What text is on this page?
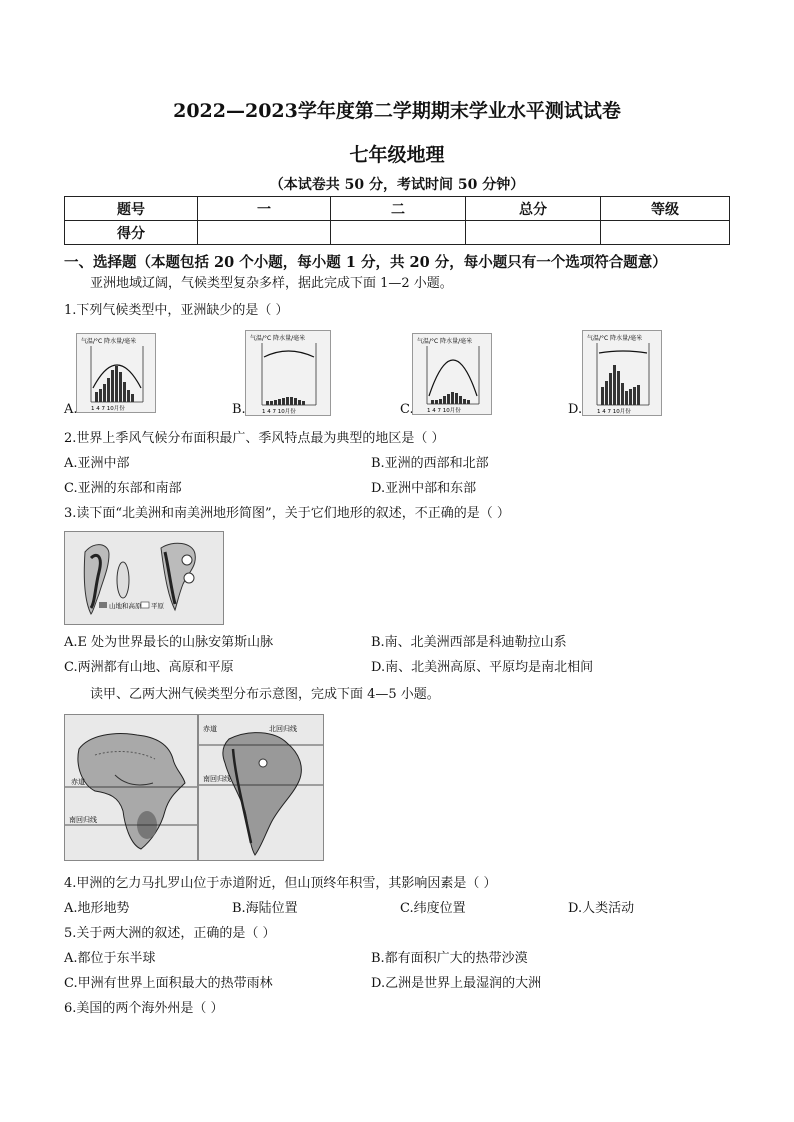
2022—2023学年度第二学期期末学业水平测试试卷
七年级地理
（本试卷共 50 分，考试时间 50 分钟）
题号	一	二	总分	等级
得分				
一、选择题（本题包括 20 个小题，每小题 1 分，共 20 分，每小题只有一个选项符合题意）
亚洲地域辽阔，气候类型复杂多样，据此完成下面 1—2 小题。
1.下列气候类型中，亚洲缺少的是（ ）
A.
气温/°C 降水量/毫米
1 4 7 10月份	B.
气温/°C 降水量/毫米
1 4 7 10月份	C.
气温/°C 降水量/毫米
1 4 7 10月份	D.
气温/°C 降水量/毫米
1 4 7 10月份
2.世界上季风气候分布面积最广、季风特点最为典型的地区是（ ）
A.亚洲中部	B.亚洲的西部和北部
C.亚洲的东部和南部	D.亚洲中部和东部
3.读下面“北美洲和南美洲地形简图”，关于它们地形的叙述，不正确的是（ ）
山地和高原 平原
A.E 处为世界最长的山脉安第斯山脉	B.南、北美洲西部是科迪勒拉山系
C.两洲都有山地、高原和平原	D.南、北美洲高原、平原均是南北相间
读甲、乙两大洲气候类型分布示意图，完成下面 4—5 小题。
赤道
南回归线
赤道	北回归线
南回归线
4.甲洲的乞力马扎罗山位于赤道附近，但山顶终年积雪，其影响因素是（ ）
A.地形地势	B.海陆位置	C.纬度位置	D.人类活动
5.关于两大洲的叙述，正确的是（ ）
A.都位于东半球	B.都有面积广大的热带沙漠
C.甲洲有世界上面积最大的热带雨林	D.乙洲是世界上最湿润的大洲
6.美国的两个海外州是（ ）
